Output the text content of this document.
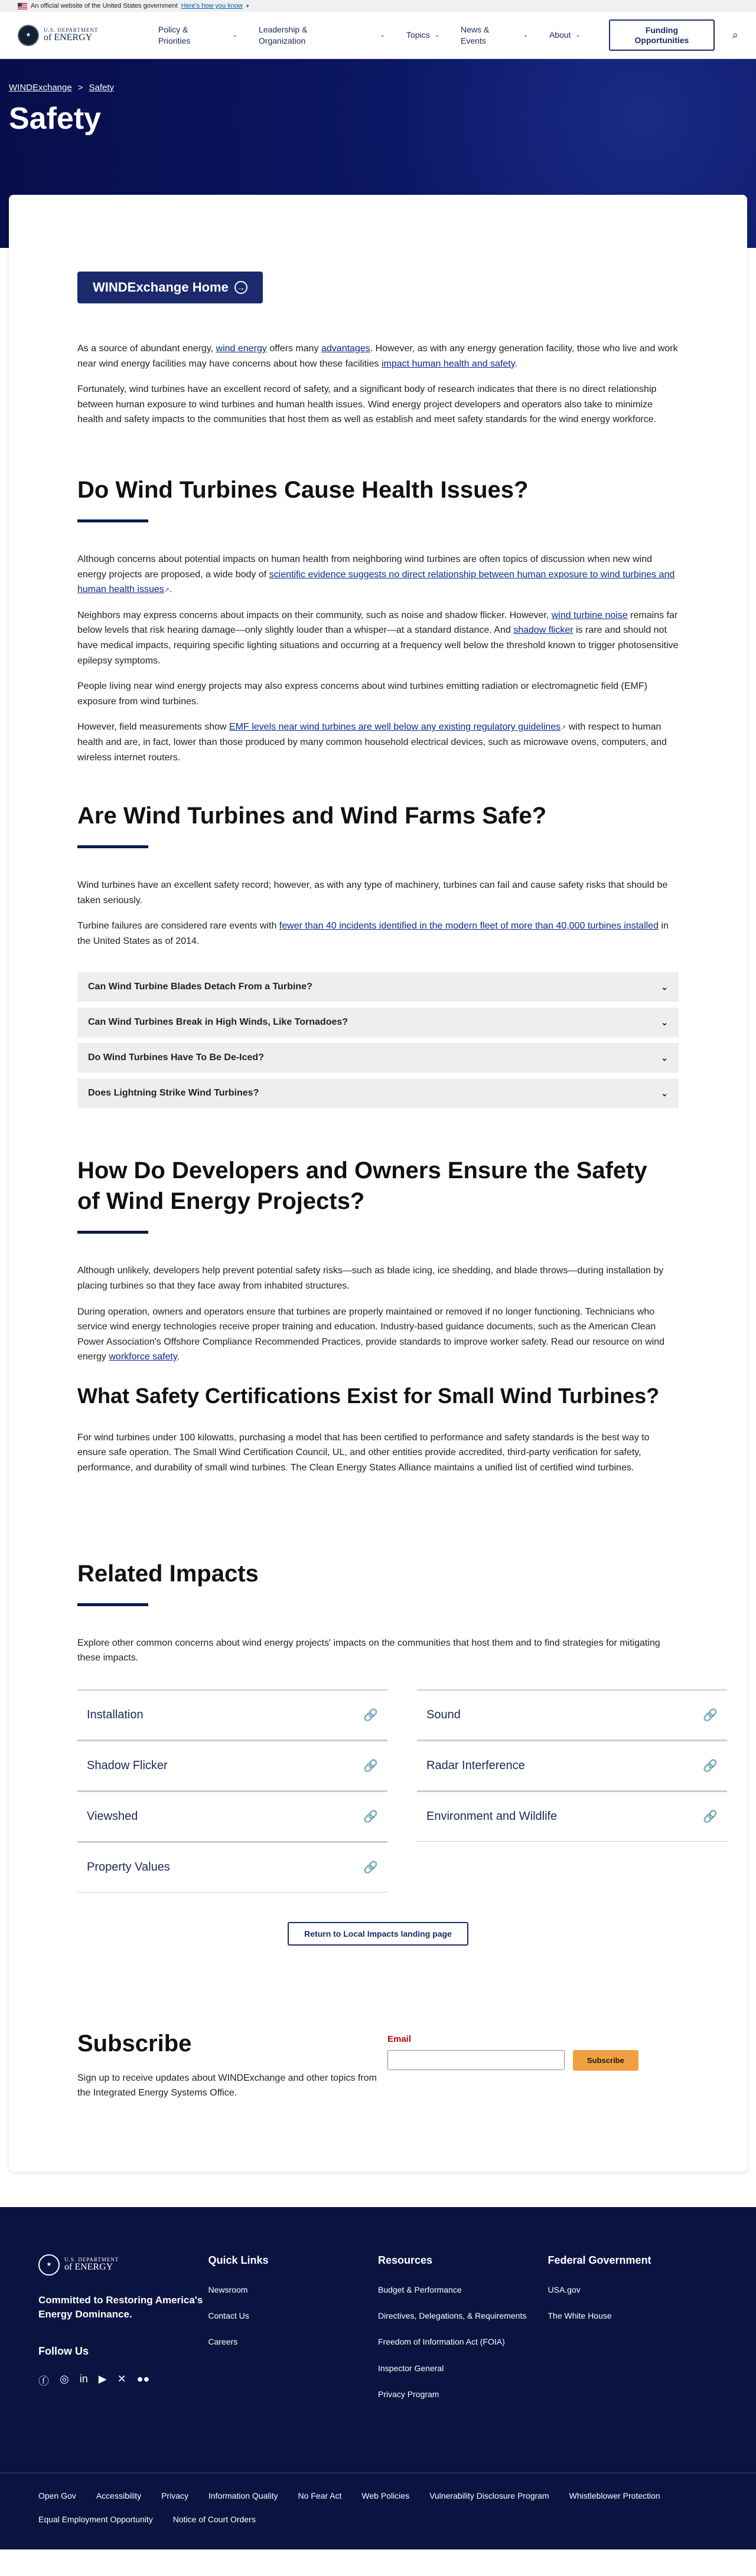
An official website of the United States government Here's how you know ▾
★
U.S. DEPARTMENT
of ENERGY
Policy & Priorities
⌄
Leadership & Organization
⌄	Topics ⌄
News & Events
⌄	About ⌄
Funding Opportunities	⌕
WINDExchange > Safety
Safety
WINDExchange Home →

As a source of abundant energy, wind energy offers many advantages. However, as with any energy generation facility, those who live and work near wind energy facilities may have concerns about how these facilities impact human health and safety.

Fortunately, wind turbines have an excellent record of safety, and a significant body of research indicates that there is no direct relationship between human exposure to wind turbines and human health issues. Wind energy project developers and operators also take to minimize health and safety impacts to the communities that host them as well as establish and meet safety standards for the wind energy workforce.

Do Wind Turbines Cause Health Issues?

Although concerns about potential impacts on human health from neighboring wind turbines are often topics of discussion when new wind energy projects are proposed, a wide body of scientific evidence suggests no direct relationship between human exposure to wind turbines and human health issues↗.

Neighbors may express concerns about impacts on their community, such as noise and shadow flicker. However, wind turbine noise remains far below levels that risk hearing damage—only slightly louder than a whisper—at a standard distance. And shadow flicker is rare and should not have medical impacts, requiring specific lighting situations and occurring at a frequency well below the threshold known to trigger photosensitive epilepsy symptoms.

People living near wind energy projects may also express concerns about wind turbines emitting radiation or electromagnetic field (EMF) exposure from wind turbines.

However, field measurements show EMF levels near wind turbines are well below any existing regulatory guidelines↗ with respect to human health and are, in fact, lower than those produced by many common household electrical devices, such as microwave ovens, computers, and wireless internet routers.

Are Wind Turbines and Wind Farms Safe?

Wind turbines have an excellent safety record; however, as with any type of machinery, turbines can fail and cause safety risks that should be taken seriously.

Turbine failures are considered rare events with fewer than 40 incidents identified in the modern fleet of more than 40,000 turbines installed in the United States as of 2014.

Can Wind Turbine Blades Detach From a Turbine?	⌄
Can Wind Turbines Break in High Winds, Like Tornadoes?	⌄
Do Wind Turbines Have To Be De-Iced?	⌄
Does Lightning Strike Wind Turbines?	⌄
How Do Developers and Owners Ensure the Safety of Wind Energy Projects?

Although unlikely, developers help prevent potential safety risks—such as blade icing, ice shedding, and blade throws—during installation by placing turbines so that they face away from inhabited structures.

During operation, owners and operators ensure that turbines are properly maintained or removed if no longer functioning. Technicians who service wind energy technologies receive proper training and education. Industry-based guidance documents, such as the American Clean Power Association's Offshore Compliance Recommended Practices, provide standards to improve worker safety. Read our resource on wind energy workforce safety.

What Safety Certifications Exist for Small Wind Turbines?

For wind turbines under 100 kilowatts, purchasing a model that has been certified to performance and safety standards is the best way to ensure safe operation. The Small Wind Certification Council, UL, and other entities provide accredited, third-party verification for safety, performance, and durability of small wind turbines. The Clean Energy States Alliance maintains a unified list of certified wind turbines.

Related Impacts

Explore other common concerns about wind energy projects' impacts on the communities that host them and to find strategies for mitigating these impacts.

Installation	🔗	Sound	🔗
Shadow Flicker	🔗	Radar Interference	🔗
Viewshed	🔗	Environment and Wildlife	🔗
Property Values	🔗
Return to Local Impacts landing page
Subscribe

Sign up to receive updates about WINDExchange and other topics from the Integrated Energy Systems Office.

Email
Subscribe
★
U.S. DEPARTMENT
of ENERGY
Committed to Restoring America's Energy Dominance.
Follow Us
ⓕ ◎ in ▶ ✕ ●●
Quick Links
Newsroom
Contact Us
Careers
Resources
Budget & Performance
Directives, Delegations, & Requirements
Freedom of Information Act (FOIA)
Inspector General
Privacy Program
Federal Government
USA.gov
The White House
Open Gov Accessibility Privacy Information Quality No Fear Act Web Policies Vulnerability Disclosure Program Whistleblower Protection
Equal Employment Opportunity Notice of Court Orders
